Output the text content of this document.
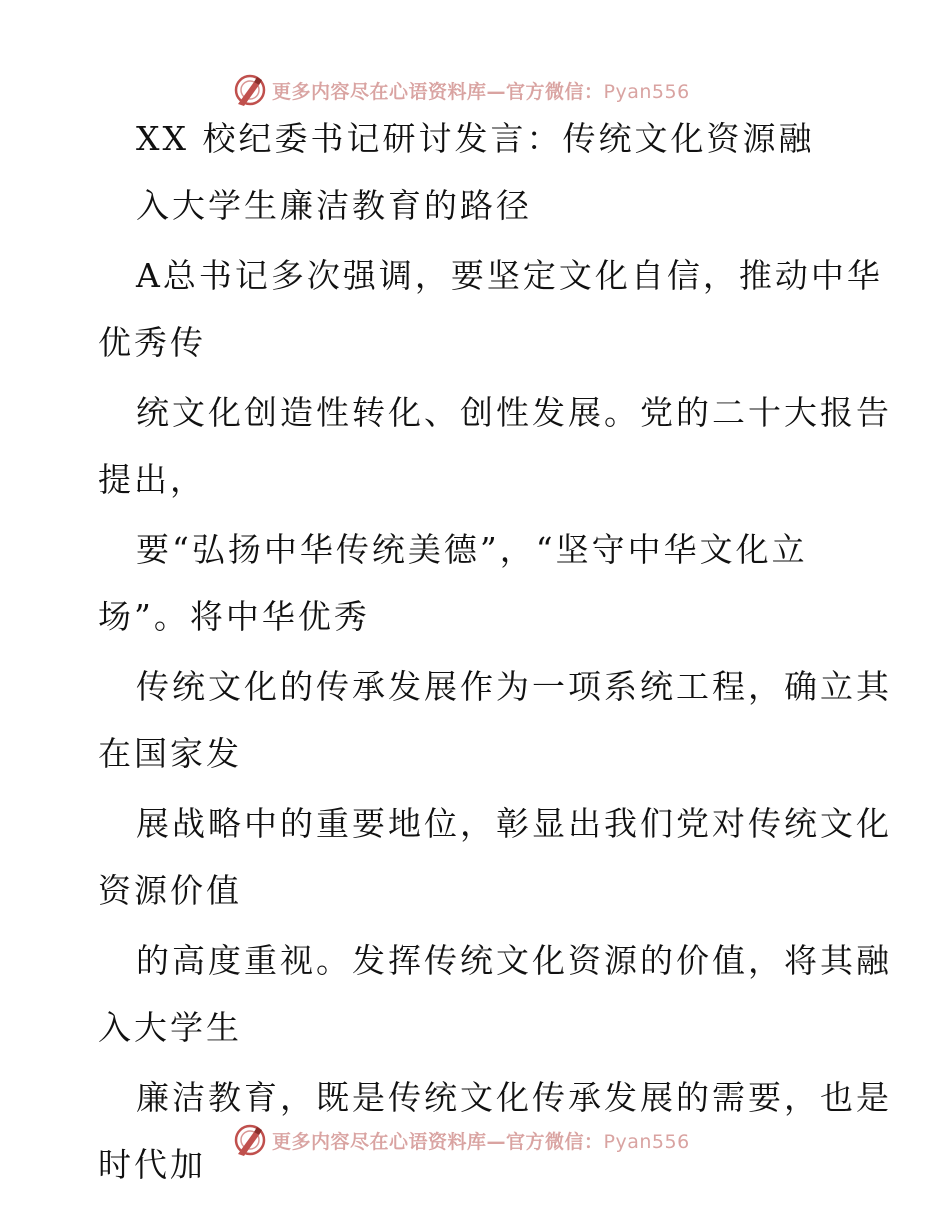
更多内容尽在心语资料库—官方微信：Pyan556
XX 校纪委书记研讨发言：传统文化资源融
入大学生廉洁教育的路径
A总书记多次强调，要坚定文化自信，推动中华
优秀传
统文化创造性转化、创性发展。党的二十大报告
提出，
要“弘扬中华传统美德”，“坚守中华文化立
场”。将中华优秀
传统文化的传承发展作为一项系统工程，确立其
在国家发
展战略中的重要地位，彰显出我们党对传统文化
资源价值
的高度重视。发挥传统文化资源的价值，将其融
入大学生
廉洁教育，既是传统文化传承发展的需要，也是
时代加
更多内容尽在心语资料库—官方微信：Pyan556
